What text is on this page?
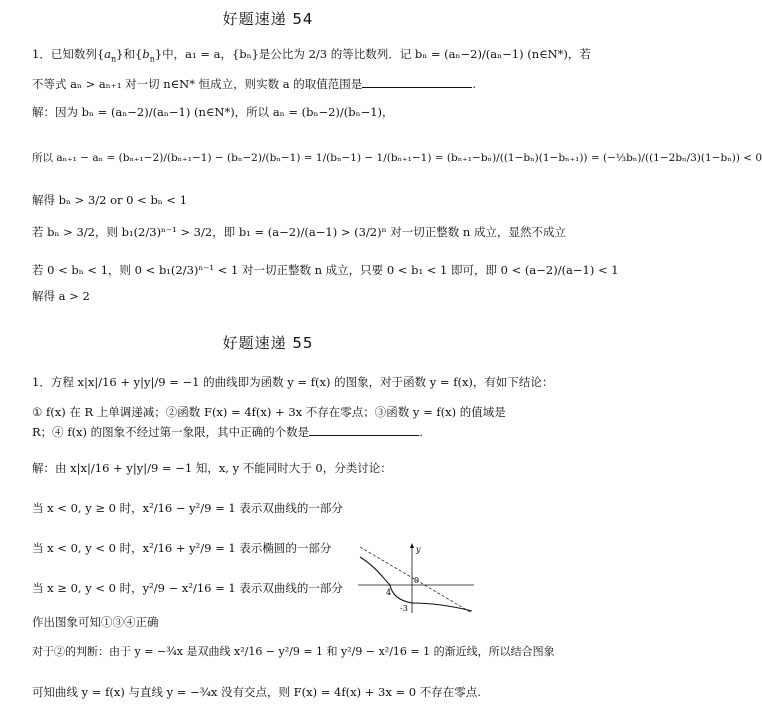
好题速递 54
1．已知数列$\{a_n\}$和$\{b_n\}$中，a₁ = a，{bₙ}是公比为 2/3 的等比数列．记 bₙ = (aₙ−2)/(aₙ−1) (n∈N*)，若
不等式 aₙ > aₙ₊₁ 对一切 n∈N* 恒成立，则实数 a 的取值范围是	.
解：因为 bₙ = (aₙ−2)/(aₙ−1) (n∈N*)，所以 aₙ = (bₙ−2)/(bₙ−1)，
所以 aₙ₊₁ − aₙ = (bₙ₊₁−2)/(bₙ₊₁−1) − (bₙ−2)/(bₙ−1) = 1/(bₙ−1) − 1/(bₙ₊₁−1) = (bₙ₊₁−bₙ)/((1−bₙ)(1−bₙ₊₁)) = (−⅓bₙ)/((1−2bₙ/3)(1−bₙ)) < 0
解得 bₙ > 3/2 or 0 < bₙ < 1
若 bₙ > 3/2，则 b₁(2/3)ⁿ⁻¹ > 3/2，即 b₁ = (a−2)/(a−1) > (3/2)ⁿ 对一切正整数 n 成立，显然不成立
若 0 < bₙ < 1，则 0 < b₁(2/3)ⁿ⁻¹ < 1 对一切正整数 n 成立，只要 0 < b₁ < 1 即可，即 0 < (a−2)/(a−1) < 1
解得 a > 2
好题速递 55
1．方程 x|x|/16 + y|y|/9 = −1 的曲线即为函数 y = f(x) 的图象，对于函数 y = f(x)，有如下结论：
① f(x) 在 R 上单调递减；②函数 F(x) = 4f(x) + 3x 不存在零点；③函数 y = f(x) 的值域是
R；④ f(x) 的图象不经过第一象限，其中正确的个数是	.
解：由 x|x|/16 + y|y|/9 = −1 知，x, y 不能同时大于 0，分类讨论：
当 x < 0, y ≥ 0 时，x²/16 − y²/9 = 1 表示双曲线的一部分
当 x < 0, y < 0 时，x²/16 + y²/9 = 1 表示椭圆的一部分
当 x ≥ 0, y < 0 时，y²/9 − x²/16 = 1 表示双曲线的一部分
作出图象可知①③④正确
对于②的判断：由于 y = −¾x 是双曲线 x²/16 − y²/9 = 1 和 y²/9 − x²/16 = 1 的渐近线，所以结合图象
可知曲线 y = f(x) 与直线 y = −¾x 没有交点，则 F(x) = 4f(x) + 3x = 0 不存在零点.
y
0
4
-3
